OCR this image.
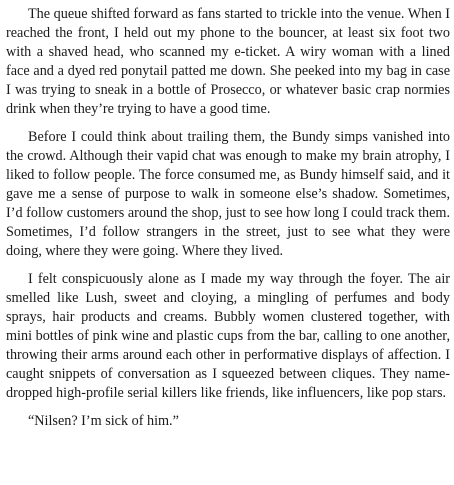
The queue shifted forward as fans started to trickle into the venue. When I reached the front, I held out my phone to the bouncer, at least six foot two with a shaved head, who scanned my e-ticket. A wiry woman with a lined face and a dyed red ponytail patted me down. She peeked into my bag in case I was trying to sneak in a bottle of Prosecco, or whatever basic crap normies drink when they’re trying to have a good time.

Before I could think about trailing them, the Bundy simps vanished into the crowd. Although their vapid chat was enough to make my brain atrophy, I liked to follow people. The force consumed me, as Bundy himself said, and it gave me a sense of purpose to walk in someone else’s shadow. Sometimes, I’d follow customers around the shop, just to see how long I could track them. Sometimes, I’d follow strangers in the street, just to see what they were doing, where they were going. Where they lived.

I felt conspicuously alone as I made my way through the foyer. The air smelled like Lush, sweet and cloying, a mingling of perfumes and body sprays, hair products and creams. Bubbly women clustered together, with mini bottles of pink wine and plastic cups from the bar, calling to one another, throwing their arms around each other in performative displays of affection. I caught snippets of conversation as I squeezed between cliques. They name-dropped high-profile serial killers like friends, like influencers, like pop stars.

“Nilsen? I’m sick of him.”
